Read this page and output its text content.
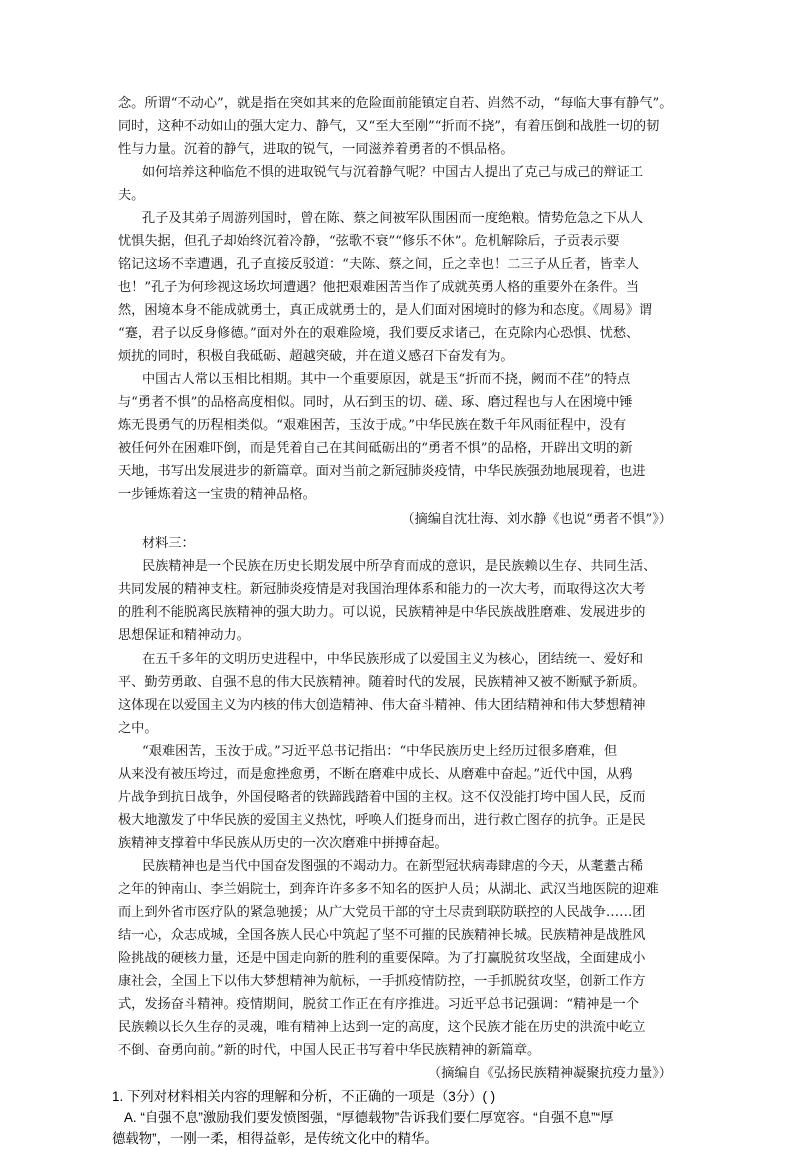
念。所谓“不动心”，就是指在突如其来的危险面前能镇定自若、岿然不动，“每临大事有静气”。
同时，这种不动如山的强大定力、静气，又“至大至刚”“折而不挠”，有着压倒和战胜一切的韧
性与力量。沉着的静气，进取的锐气，一同滋养着勇者的不惧品格。
如何培养这种临危不惧的进取锐气与沉着静气呢？中国古人提出了克己与成己的辩证工
夫。
孔子及其弟子周游列国时，曾在陈、蔡之间被军队围困而一度绝粮。情势危急之下从人
忧惧失据，但孔子却始终沉着冷静，“弦歌不衰”“修乐不休”。危机解除后，子贡表示要
铭记这场不幸遭遇，孔子直接反驳道：“夫陈、蔡之间，丘之幸也！二三子从丘者，皆幸人
也！”孔子为何珍视这场坎坷遭遇？他把艰难困苦当作了成就英勇人格的重要外在条件。当
然，困境本身不能成就勇士，真正成就勇士的，是人们面对困境时的修为和态度。《周易》谓
“蹇，君子以反身修德。”面对外在的艰难险境，我们要反求诸己，在克除内心恐惧、忧愁、
烦扰的同时，积极自我砥砺、超越突破，并在道义感召下奋发有为。
中国古人常以玉相比相期。其中一个重要原因，就是玉“折而不挠，阙而不荏”的特点
与“勇者不惧”的品格高度相似。同时，从石到玉的切、磋、琢、磨过程也与人在困境中锤
炼无畏勇气的历程相类似。“艰难困苦，玉汝于成。”中华民族在数千年风雨征程中，没有
被任何外在困难吓倒，而是凭着自己在其间砥砺出的“勇者不惧”的品格，开辟出文明的新
天地，书写出发展进步的新篇章。面对当前之新冠肺炎疫情，中华民族强劲地展现着，也进
一步锤炼着这一宝贵的精神品格。
（摘编自沈壮海、刘水静《也说“勇者不惧”》）
材料三：
民族精神是一个民族在历史长期发展中所孕育而成的意识，是民族赖以生存、共同生活、
共同发展的精神支柱。新冠肺炎疫情是对我国治理体系和能力的一次大考，而取得这次大考
的胜利不能脱离民族精神的强大助力。可以说，民族精神是中华民族战胜磨难、发展进步的
思想保证和精神动力。
在五千多年的文明历史进程中，中华民族形成了以爱国主义为核心，团结统一、爱好和
平、勤劳勇敢、自强不息的伟大民族精神。随着时代的发展，民族精神又被不断赋予新质。
这体现在以爱国主义为内核的伟大创造精神、伟大奋斗精神、伟大团结精神和伟大梦想精神
之中。
“艰难困苦，玉汝于成。”习近平总书记指出：“中华民族历史上经历过很多磨难，但
从来没有被压垮过，而是愈挫愈勇，不断在磨难中成长、从磨难中奋起。”近代中国，从鸦
片战争到抗日战争，外国侵略者的铁蹄践踏着中国的主权。这不仅没能打垮中国人民，反而
极大地激发了中华民族的爱国主义热忱，呼唤人们挺身而出，进行救亡图存的抗争。正是民
族精神支撑着中华民族从历史的一次次磨难中拼搏奋起。
民族精神也是当代中国奋发图强的不竭动力。在新型冠状病毒肆虐的今天，从耄耋古稀
之年的钟南山、李兰娟院士，到奔许许多多不知名的医护人员；从湖北、武汉当地医院的迎难
而上到外省市医疗队的紧急驰援；从广大党员干部的守土尽责到联防联控的人民战争……团
结一心，众志成城，全国各族人民心中筑起了坚不可摧的民族精神长城。民族精神是战胜风
险挑战的硬核力量，还是中国走向新的胜利的重要保障。为了打赢脱贫攻坚战，全面建成小
康社会，全国上下以伟大梦想精神为航标，一手抓疫情防控，一手抓脱贫攻坚，创新工作方
式，发扬奋斗精神。疫情期间，脱贫工作正在有序推进。习近平总书记强调：“精神是一个
民族赖以长久生存的灵魂，唯有精神上达到一定的高度，这个民族才能在历史的洪流中屹立
不倒、奋勇向前。”新的时代，中国人民正书写着中华民族精神的新篇章。
（摘编自《弘扬民族精神凝聚抗疫力量》）
1. 下列对材料相关内容的理解和分析，不正确的一项是（3分）( )
A. “自强不息”激励我们要发愤图强，“厚德载物”告诉我们要仁厚宽容。“自强不息”“厚
德载物”，一刚一柔，相得益彰，是传统文化中的精华。
